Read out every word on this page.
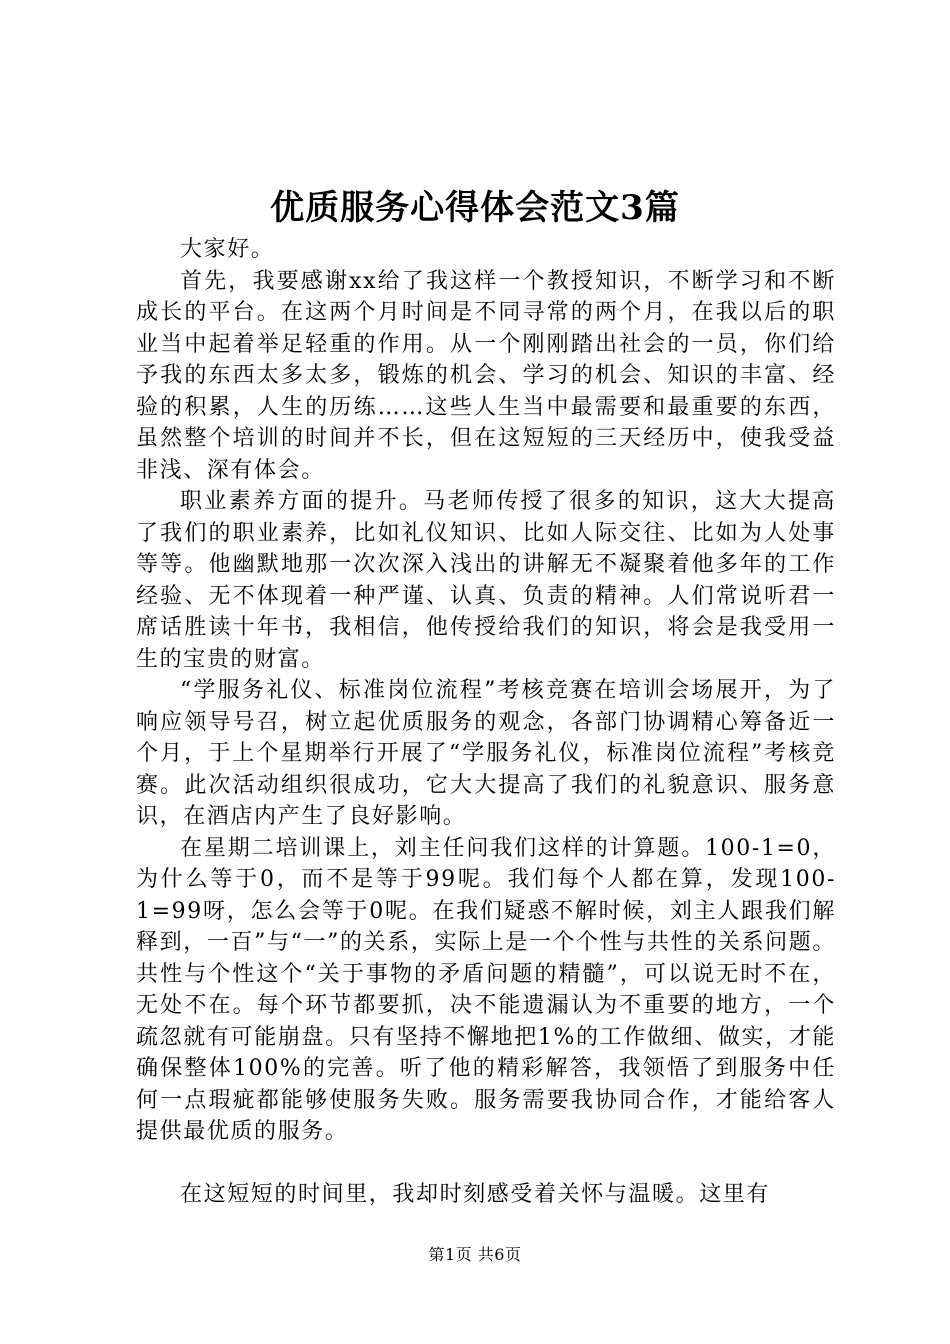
优质服务心得体会范文3篇

大家好。

首先，我要感谢xx给了我这样一个教授知识，不断学习和不断成长的平台。在这两个月时间是不同寻常的两个月，在我以后的职业当中起着举足轻重的作用。从一个刚刚踏出社会的一员，你们给予我的东西太多太多，锻炼的机会、学习的机会、知识的丰富、经验的积累，人生的历练……这些人生当中最需要和最重要的东西，虽然整个培训的时间并不长，但在这短短的三天经历中，使我受益非浅、深有体会。

职业素养方面的提升。马老师传授了很多的知识，这大大提高了我们的职业素养，比如礼仪知识、比如人际交往、比如为人处事等等。他幽默地那一次次深入浅出的讲解无不凝聚着他多年的工作经验、无不体现着一种严谨、认真、负责的精神。人们常说听君一席话胜读十年书，我相信，他传授给我们的知识，将会是我受用一生的宝贵的财富。

“学服务礼仪、标准岗位流程”考核竞赛在培训会场展开，为了响应领导号召，树立起优质服务的观念，各部门协调精心筹备近一个月，于上个星期举行开展了“学服务礼仪，标准岗位流程”考核竞赛。此次活动组织很成功，它大大提高了我们的礼貌意识、服务意识，在酒店内产生了良好影响。

在星期二培训课上，刘主任问我们这样的计算题。100-1=0，为什么等于0，而不是等于99呢。我们每个人都在算，发现100-1=99呀，怎么会等于0呢。在我们疑惑不解时候，刘主人跟我们解释到，一百”与“一”的关系，实际上是一个个性与共性的关系问题。共性与个性这个“关于事物的矛盾问题的精髓”，可以说无时不在，无处不在。每个环节都要抓，决不能遗漏认为不重要的地方，一个疏忽就有可能崩盘。只有坚持不懈地把1%的工作做细、做实，才能确保整体100%的完善。听了他的精彩解答，我领悟了到服务中任何一点瑕疵都能够使服务失败。服务需要我协同合作，才能给客人提供最优质的服务。

在这短短的时间里，我却时刻感受着关怀与温暖。这里有

第1页 共6页
